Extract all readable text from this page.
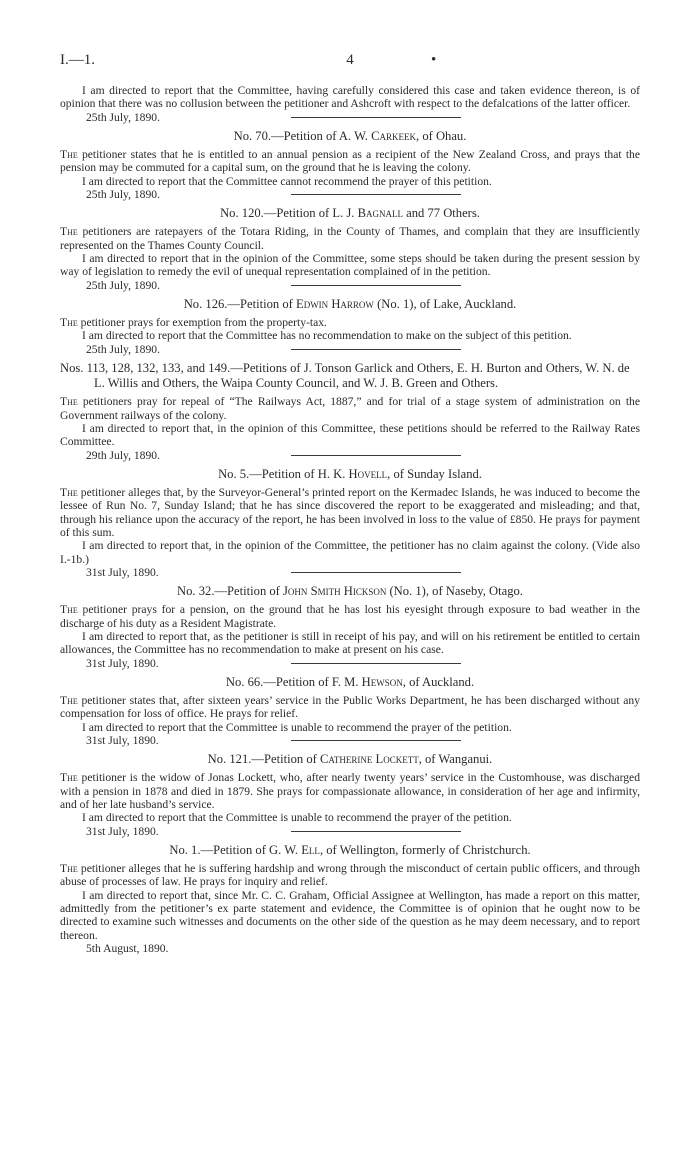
I.—1.	4	•

I am directed to report that the Committee, having carefully considered this case and taken evidence thereon, is of opinion that there was no collusion between the petitioner and Ashcroft with respect to the defalcations of the latter officer.

25th July, 1890.
No. 70.—Petition of A. W. Carkeek, of Ohau.

The petitioner states that he is entitled to an annual pension as a recipient of the New Zealand Cross, and prays that the pension may be commuted for a capital sum, on the ground that he is leaving the colony.

I am directed to report that the Committee cannot recommend the prayer of this petition.

25th July, 1890.
No. 120.—Petition of L. J. Bagnall and 77 Others.

The petitioners are ratepayers of the Totara Riding, in the County of Thames, and complain that they are insufficiently represented on the Thames County Council.

I am directed to report that in the opinion of the Committee, some steps should be taken during the present session by way of legislation to remedy the evil of unequal representation complained of in the petition.

25th July, 1890.
No. 126.—Petition of Edwin Harrow (No. 1), of Lake, Auckland.

The petitioner prays for exemption from the property-tax.

I am directed to report that the Committee has no recommendation to make on the subject of this petition.

25th July, 1890.
Nos. 113, 128, 132, 133, and 149.—Petitions of J. Tonson Garlick and Others, E. H. Burton and Others, W. N. de L. Willis and Others, the Waipa County Council, and W. J. B. Green and Others.

The petitioners pray for repeal of “The Railways Act, 1887,” and for trial of a stage system of administration on the Government railways of the colony.

I am directed to report that, in the opinion of this Committee, these petitions should be referred to the Railway Rates Committee.

29th July, 1890.
No. 5.—Petition of H. K. Hovell, of Sunday Island.

The petitioner alleges that, by the Surveyor-General’s printed report on the Kermadec Islands, he was induced to become the lessee of Run No. 7, Sunday Island; that he has since discovered the report to be exaggerated and misleading; and that, through his reliance upon the accuracy of the report, he has been involved in loss to the value of £850. He prays for payment of this sum.

I am directed to report that, in the opinion of the Committee, the petitioner has no claim against the colony. (Vide also I.-1b.)

31st July, 1890.
No. 32.—Petition of John Smith Hickson (No. 1), of Naseby, Otago.

The petitioner prays for a pension, on the ground that he has lost his eyesight through exposure to bad weather in the discharge of his duty as a Resident Magistrate.

I am directed to report that, as the petitioner is still in receipt of his pay, and will on his retirement be entitled to certain allowances, the Committee has no recommendation to make at present on his case.

31st July, 1890.
No. 66.—Petition of F. M. Hewson, of Auckland.

The petitioner states that, after sixteen years’ service in the Public Works Department, he has been discharged without any compensation for loss of office. He prays for relief.

I am directed to report that the Committee is unable to recommend the prayer of the petition.

31st July, 1890.
No. 121.—Petition of Catherine Lockett, of Wanganui.

The petitioner is the widow of Jonas Lockett, who, after nearly twenty years’ service in the Customhouse, was discharged with a pension in 1878 and died in 1879. She prays for compassionate allowance, in consideration of her age and infirmity, and of her late husband’s service.

I am directed to report that the Committee is unable to recommend the prayer of the petition.

31st July, 1890.
No. 1.—Petition of G. W. Ell, of Wellington, formerly of Christchurch.

The petitioner alleges that he is suffering hardship and wrong through the misconduct of certain public officers, and through abuse of processes of law. He prays for inquiry and relief.

I am directed to report that, since Mr. C. C. Graham, Official Assignee at Wellington, has made a report on this matter, admittedly from the petitioner’s ex parte statement and evidence, the Committee is of opinion that he ought now to be directed to examine such witnesses and documents on the other side of the question as he may deem necessary, and to report thereon.

5th August, 1890.
